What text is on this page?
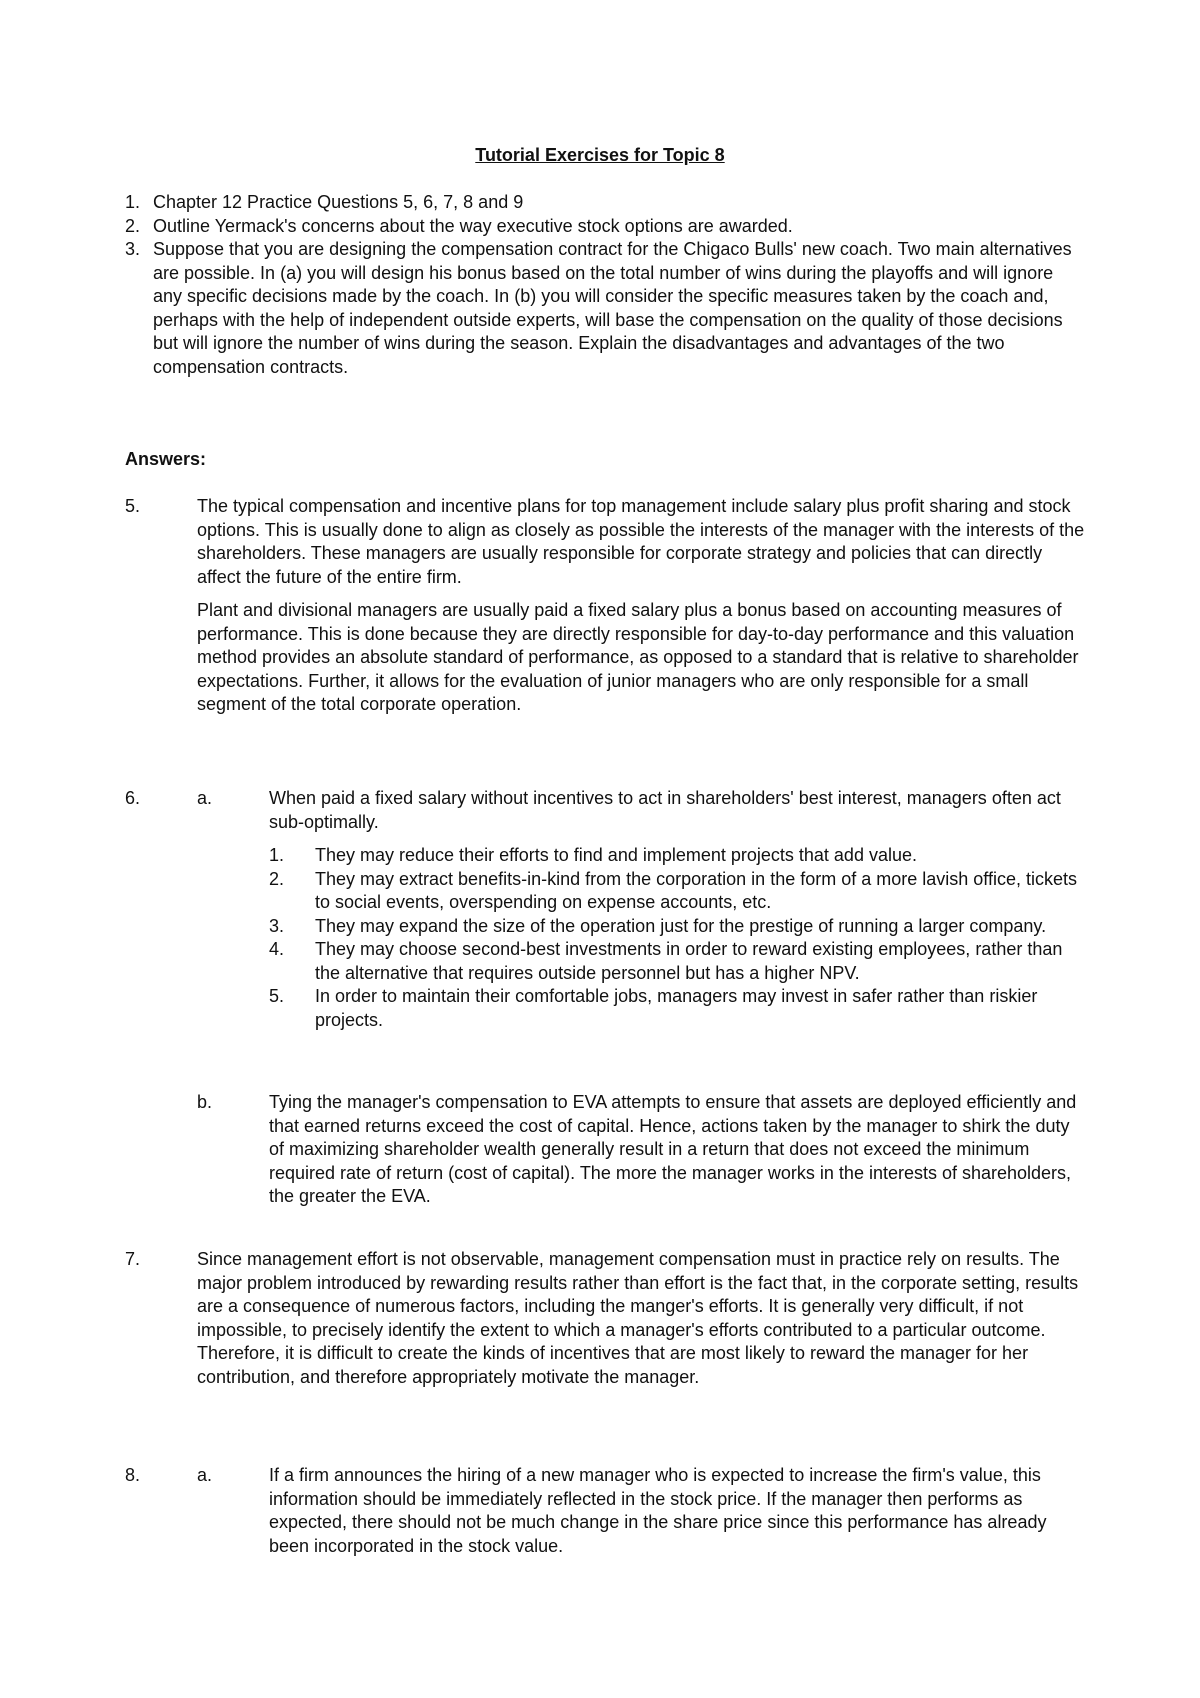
Tutorial Exercises for Topic 8
1. Chapter 12 Practice Questions 5, 6, 7, 8 and 9
2. Outline Yermack's concerns about the way executive stock options are awarded.
3. Suppose that you are designing the compensation contract for the Chigaco Bulls' new coach. Two main alternatives are possible. In (a) you will design his bonus based on the total number of wins during the playoffs and will ignore any specific decisions made by the coach. In (b) you will consider the specific measures taken by the coach and, perhaps with the help of independent outside experts, will base the compensation on the quality of those decisions but will ignore the number of wins during the season. Explain the disadvantages and advantages of the two compensation contracts.
Answers:
5.	The typical compensation and incentive plans for top management include salary plus profit sharing and stock options. This is usually done to align as closely as possible the interests of the manager with the interests of the shareholders. These managers are usually responsible for corporate strategy and policies that can directly affect the future of the entire firm.

Plant and divisional managers are usually paid a fixed salary plus a bonus based on accounting measures of performance. This is done because they are directly responsible for day-to-day performance and this valuation method provides an absolute standard of performance, as opposed to a standard that is relative to shareholder expectations. Further, it allows for the evaluation of junior managers who are only responsible for a small segment of the total corporate operation.

6.	a.	When paid a fixed salary without incentives to act in shareholders' best interest, managers often act sub-optimally.

1. They may reduce their efforts to find and implement projects that add value.
2. They may extract benefits-in-kind from the corporation in the form of a more lavish office, tickets to social events, overspending on expense accounts, etc.
3. They may expand the size of the operation just for the prestige of running a larger company.
4. They may choose second-best investments in order to reward existing employees, rather than the alternative that requires outside personnel but has a higher NPV.
5. In order to maintain their comfortable jobs, managers may invest in safer rather than riskier projects.
b.	Tying the manager's compensation to EVA attempts to ensure that assets are deployed efficiently and that earned returns exceed the cost of capital. Hence, actions taken by the manager to shirk the duty of maximizing shareholder wealth generally result in a return that does not exceed the minimum required rate of return (cost of capital). The more the manager works in the interests of shareholders, the greater the EVA.

7.	Since management effort is not observable, management compensation must in practice rely on results. The major problem introduced by rewarding results rather than effort is the fact that, in the corporate setting, results are a consequence of numerous factors, including the manger's efforts. It is generally very difficult, if not impossible, to precisely identify the extent to which a manager's efforts contributed to a particular outcome. Therefore, it is difficult to create the kinds of incentives that are most likely to reward the manager for her contribution, and therefore appropriately motivate the manager.

8.	a.	If a firm announces the hiring of a new manager who is expected to increase the firm's value, this information should be immediately reflected in the stock price. If the manager then performs as expected, there should not be much change in the share price since this performance has already been incorporated in the stock value.
